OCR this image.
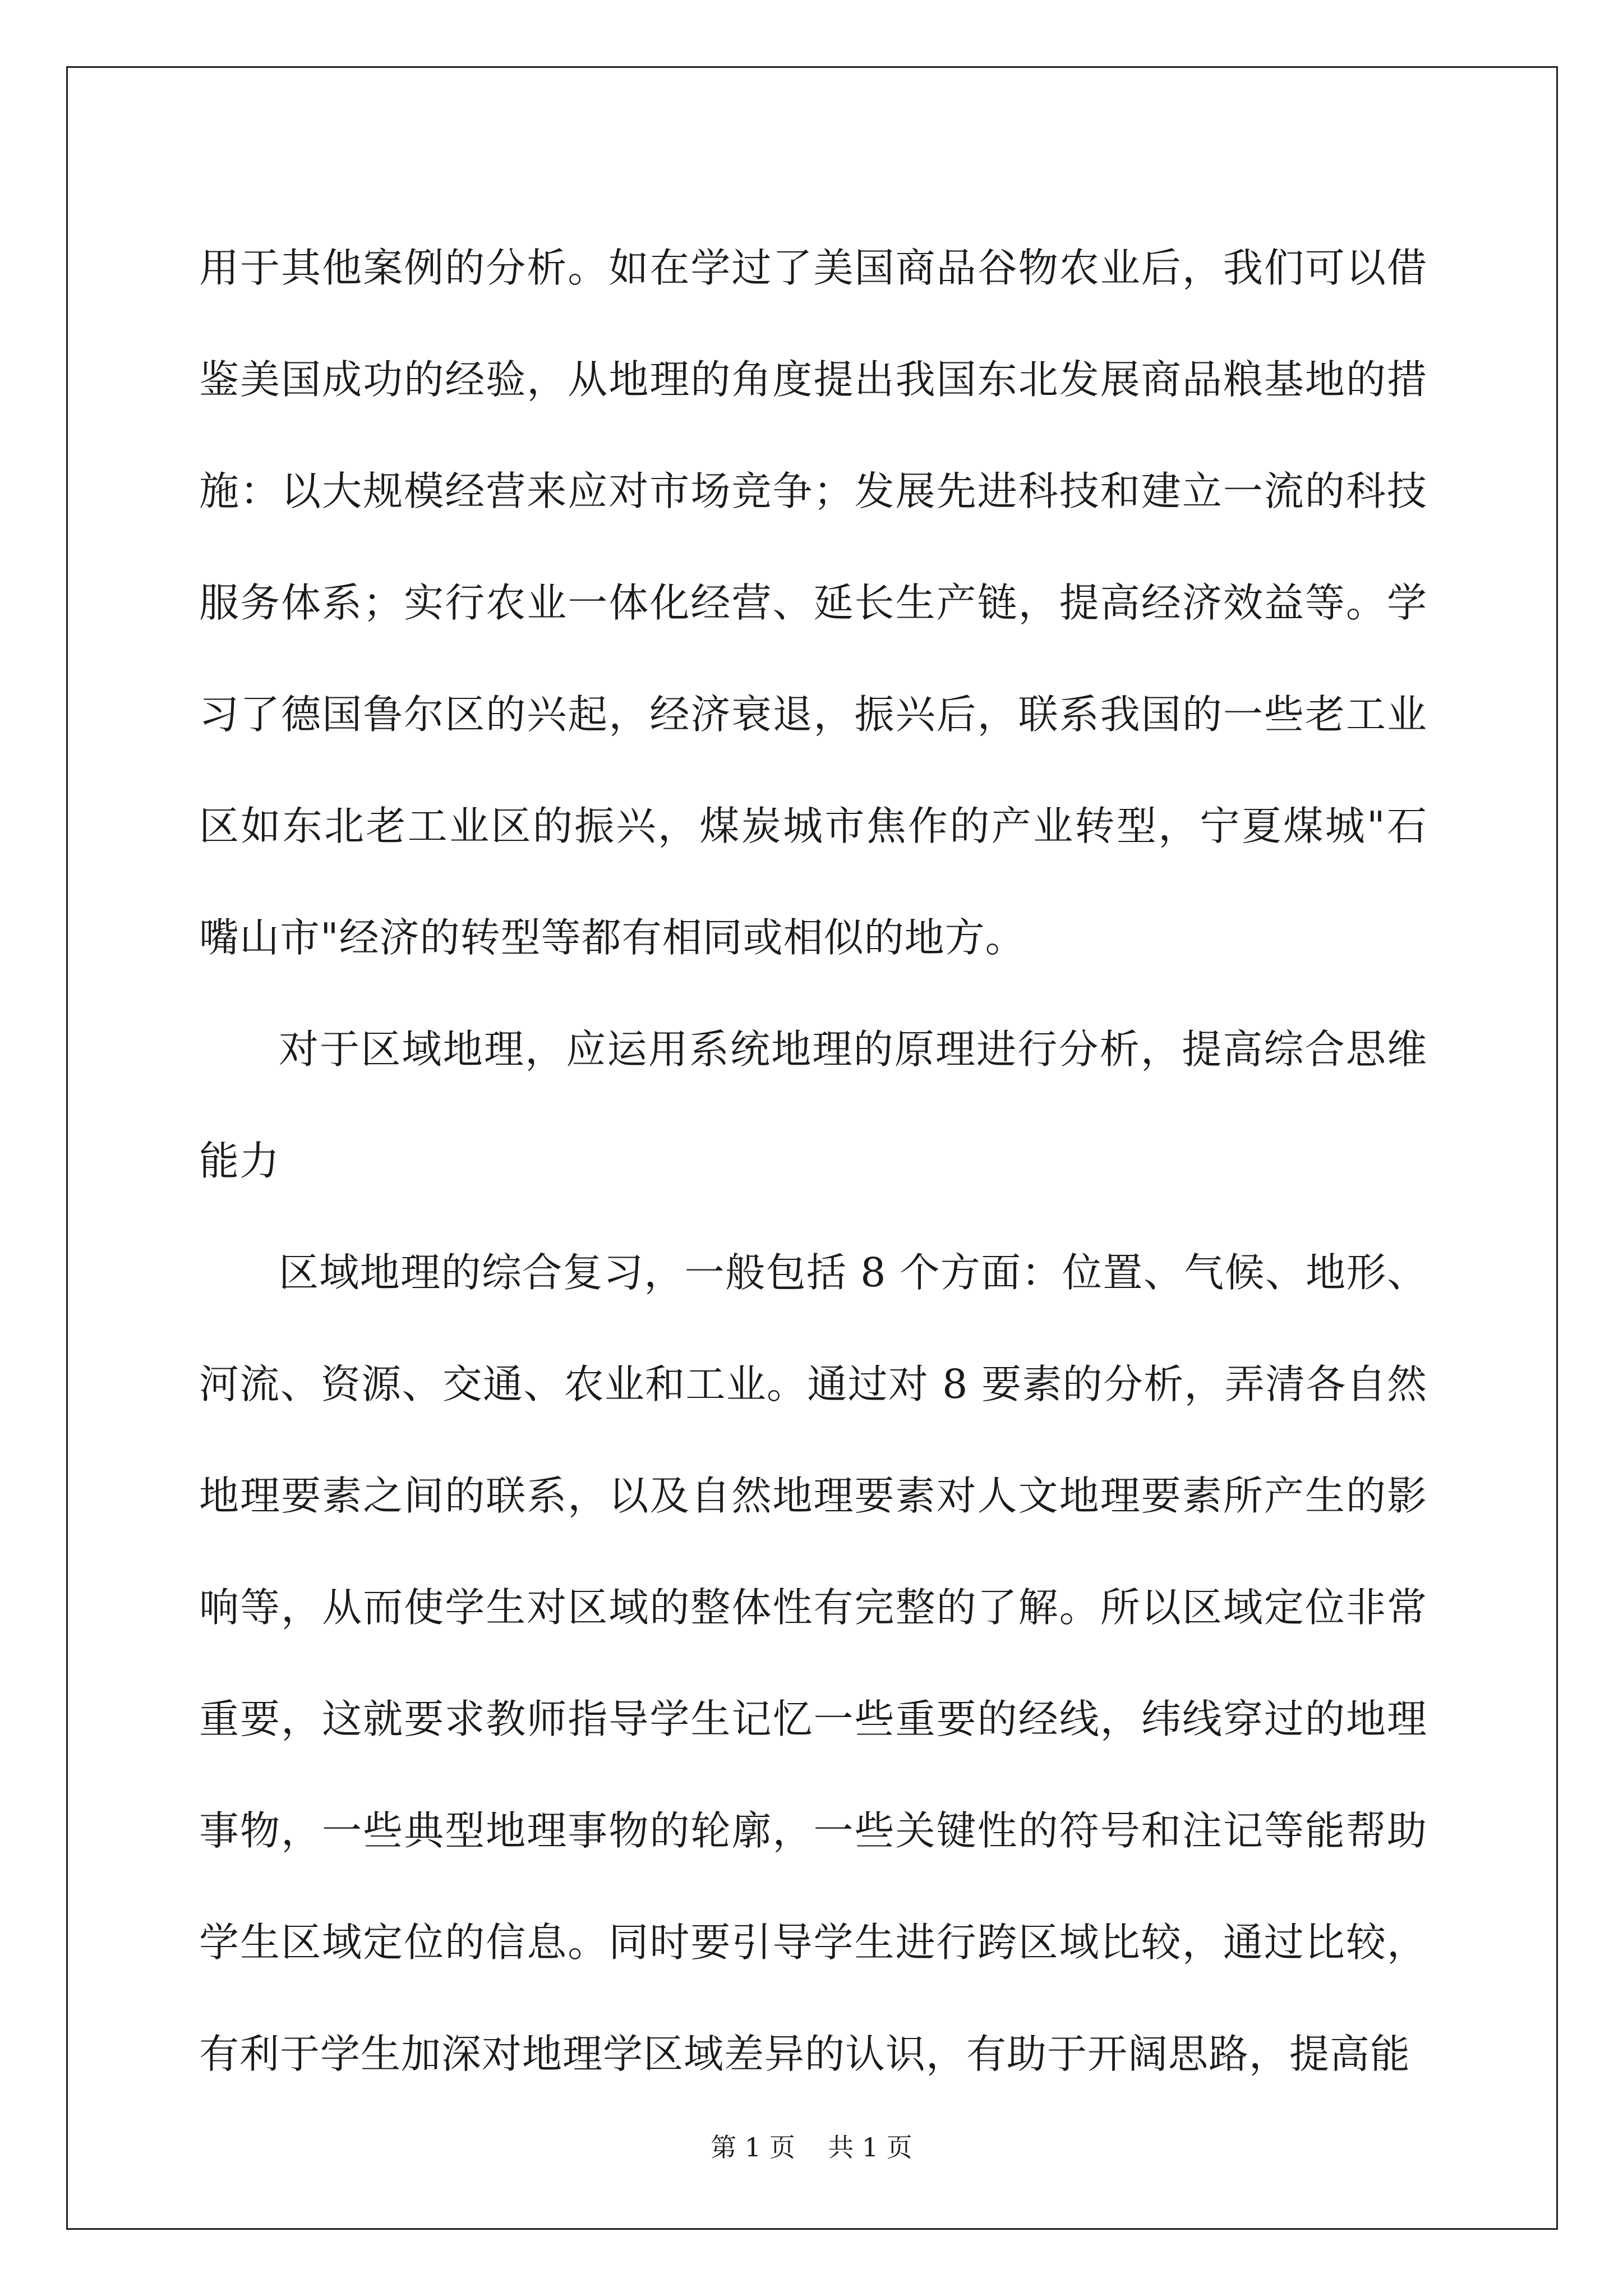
用于其他案例的分析。如在学过了美国商品谷物农业后，我们可以借鉴美国成功的经验，从地理的角度提出我国东北发展商品粮基地的措施：以大规模经营来应对市场竞争；发展先进科技和建立一流的科技服务体系；实行农业一体化经营、延长生产链，提高经济效益等。学习了德国鲁尔区的兴起，经济衰退，振兴后，联系我国的一些老工业区如东北老工业区的振兴，煤炭城市焦作的产业转型，宁夏煤城"石嘴山市"经济的转型等都有相同或相似的地方。

对于区域地理，应运用系统地理的原理进行分析，提高综合思维能力

区域地理的综合复习，一般包括 8 个方面：位置、气候、地形、河流、资源、交通、农业和工业。通过对 8 要素的分析，弄清各自然地理要素之间的联系，以及自然地理要素对人文地理要素所产生的影响等，从而使学生对区域的整体性有完整的了解。所以区域定位非常重要，这就要求教师指导学生记忆一些重要的经线，纬线穿过的地理事物，一些典型地理事物的轮廓，一些关键性的符号和注记等能帮助学生区域定位的信息。同时要引导学生进行跨区域比较，通过比较，有利于学生加深对地理学区域差异的认识，有助于开阔思路，提高能

第 1 页 共 1 页
